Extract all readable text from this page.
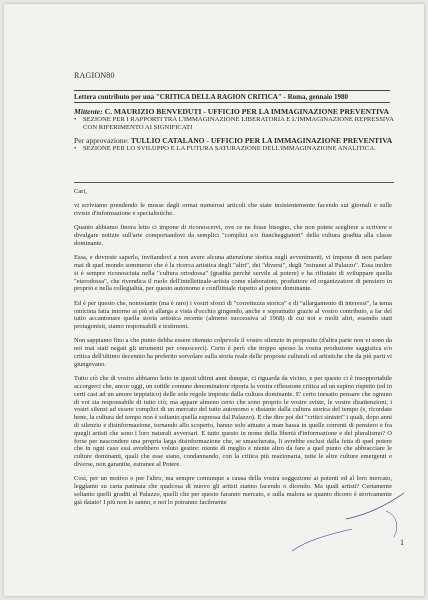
RAGION80
Lettera contributo per una "CRITICA DELLA RAGION CRITICA" - Roma, gennaio 1980
Mittente: C. MAURIZIO BENVEDUTI - UFFICIO PER LA IMMAGINAZIONE PREVENTIVA
• SEZIONE PER I RAPPORTI TRA L'IMMAGINAZIONE LIBERATORIA E L'IMMAGINAZIONE REPRESSIVA CON RIFERIMENTO AI SIGNIFICATI
Per approvazione: TULLIO CATALANO - UFFICIO PER LA IMMAGINAZIONE PREVENTIVA
• SEZIONE PER LO SVILUPPO E LA FUTURA SATURAZIONE DELL'IMMAGINAZIONE ANALITICA.

Cari,

vi scriviamo prendendo le mosse dagli ormai numerosi articoli che state insistentemente facendo sui giornali e sulle riviste d'informazione e specialistiche.

Quanto abbiamo finora letto ci impone di riconoscervi, ove ce ne fosse bisogno, che non potete scegliere a scrivere e divulgare notizie sull'arte comportandovi da semplici "complici e/o fiancheggiatori" della cultura gradita alla classe dominante.

Essa, e dovreste saperlo, invitandovi a non avere alcuna attenzione storica sugli avvenimenti, vi impone di non parlare mai di quel mondo sommerso che è la ricerca artistica degli "altri", dei "diversi", degli "estranei al Palazzo". Essa inoltre si è sempre riconosciuta nella "cultura ortodossa" (gradita perchè servile al potere) e ha rifiutato di sviluppare quella "eterodossa", che rivendica il ruolo dell'intellettuale-artista come elaboratore, produttore ed organizzatore di pensiero in proprio e nella collegialità, per questo autonomo e conflittuale rispetto al potere dominante.

Ed è per questo che, nonostante (ma è raro) i vostri sforzi di "correttezza storica" e di "allargamento di interessi", la tema omicista fatta intorno ai più si allarga a vista d'occhio gingendo, anche e soprattutto grazie al vostro contributo, a far del tutto accantonare quella storia artistica recente (almeno successiva al 1968) di cui noi e molti altri, essendo stati protagonisti, siamo responsabili e testimoni.

Non sappiamo fino a che punto debba essere ritenuto colpevole il vostro silenzio in proposito (d'altra parte non vi sono da noi mai stati negati gli strumenti per conoscerci). Certo è però che troppo spesso la vostra produzione saggistica e/o critica dell'ultimo decennio ha preferito sorvolare sulla storia reale delle proposte culturali ed artistiche che da più parti vi giungevano.

Tutto ciò che di vostro abbiamo letto in questi ultimi anni dunque, ci riguarda da vicino, e per questo ci è insopportabile accorgerci che, ancor oggi, un sottile comune denominatore riporta la vostra riflessione critica ad un supino rispetto (ed in certi casi ad un amore teppistico) delle sole regole imposte dalla cultura dominante. E' certo inesatto pensare che ognuno di voi sia responsabile di tutto ciò; ma appare almeno certo che sono proprio le vostre sviste, le vostre disattenzioni, i vostri silenzi ad essere complici di un mercato del tutto autonomo e distante dalla cultura storica del tempo (e, ricordate bene, la cultura del tempo non è soltanto quella espressa dal Palazzo). E che dire poi dei "critici sinistri" i quali, dopo anni di silenzio e disinformazione, tornando allo scoperto, hanno solo attuato a man bassa in quelle correnti di pensiero e fra quegli artisti che sono i loro naturali avversari. E tutto questo in nome della libertà d'informazione e del pluralismo? O forse per nascondere una propria larga disinformazione che, se smascherata, li avrebbe esclusi dalla fetta di quel potere che in ogni caso essi avrebbero voluto gestire: niente di meglio e niente altro da fare a quel punto che abbracciare le culture dominanti, quali che esse siano, condannando, con la critica più reazionaria, tutte le altre culture emergenti e diverse, non garantite, estranee al Potere.

Così, per un motivo o per l'altro, ma sempre comunque a causa della vostra soggezione ai potenti ed al loro mercato, leggiamo su carta patinata che qualcosa di nuovo gli artisti stanno facendo o dicendo. Ma quali artisti? Certamente soltanto quelli graditi al Palazzo, quelli che per questo faranno mercato, e sulla malora se quanto dicono è storicamente già datato! I più non lo sanno, e noi lo potranno facilmente

1
